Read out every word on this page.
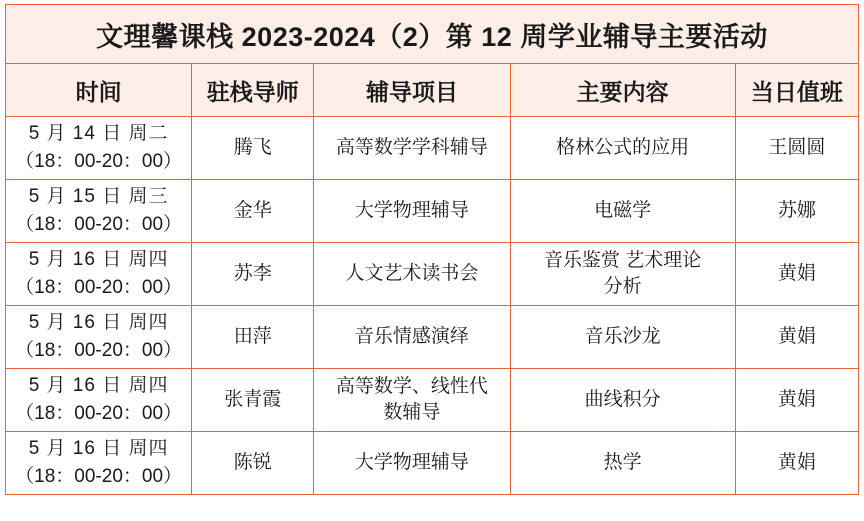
文理馨课栈 2023-2024（2）第 12 周学业辅导主要活动				
时间	驻栈导师	辅导项目	主要内容	当日值班

5 月 14 日 周二
（18：00-20：00）	腾飞	高等数学学科辅导	格林公式的应用	王圆圆

5 月 15 日 周三
（18：00-20：00）	金华	大学物理辅导	电磁学	苏娜

5 月 16 日 周四
（18：00-20：00）	苏李	人文艺术读书会	音乐鉴赏 艺术理论
分析	黄娟

5 月 16 日 周四
（18：00-20：00）	田萍	音乐情感演绎	音乐沙龙	黄娟

5 月 16 日 周四
（18：00-20：00）	张青霞	高等数学、线性代
数辅导	曲线积分	黄娟

5 月 16 日 周四
（18：00-20：00）	陈锐	大学物理辅导	热学	黄娟
